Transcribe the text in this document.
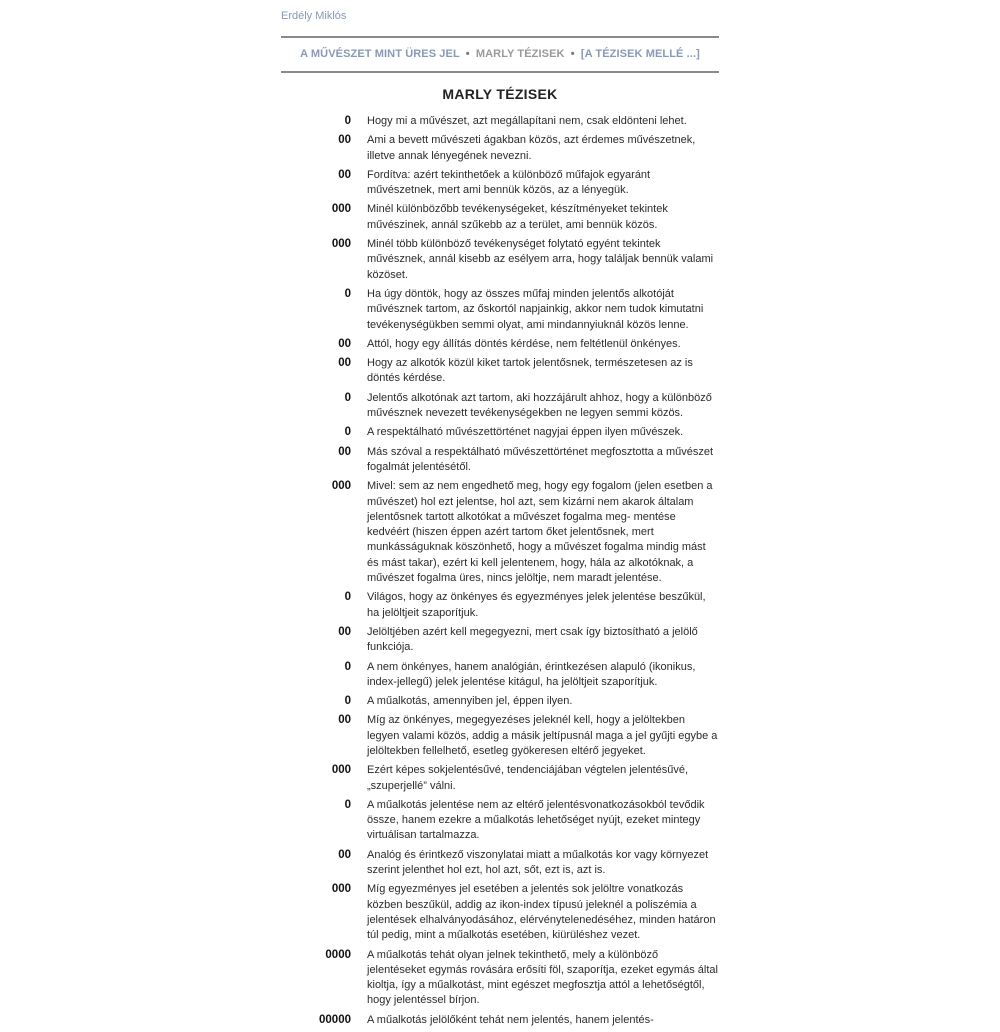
Erdély Miklós
A MŰVÉSZET MINT ÜRES JEL • MARLY TÉZISEK • [A TÉZISEK MELLÉ ...]
MARLY TÉZISEK
0	Hogy mi a művészet, azt megállapítani nem, csak eldönteni lehet.
00	Ami a bevett művészeti ágakban közös, azt érdemes művészetnek, illetve annak lényegének nevezni.
00	Fordítva: azért tekinthetőek a különböző műfajok egyaránt művészetnek, mert ami bennük közös, az a lényegük.
000	Minél különbözőbb tevékenységeket, készítményeket tekintek művészinek, annál szűkebb az a terület, ami bennük közös.
000	Minél több különböző tevékenységet folytató egyént tekintek művésznek, annál kisebb az esélyem arra, hogy találjak bennük valami közöset.
0	Ha úgy döntök, hogy az összes műfaj minden jelentős alkotóját művésznek tartom, az őskortól napjainkig, akkor nem tudok kimutatni tevékenységükben semmi olyat, ami mindannyiuknál közös lenne.
00	Attól, hogy egy állítás döntés kérdése, nem feltétlenül önkényes.
00	Hogy az alkotók közül kiket tartok jelentősnek, természetesen az is döntés kérdése.
0	Jelentős alkotónak azt tartom, aki hozzájárult ahhoz, hogy a különböző művésznek nevezett tevékenységekben ne legyen semmi közös.
0	A respektálható művészettörténet nagyjai éppen ilyen művészek.
00	Más szóval a respektálható művészettörténet megfosztotta a művészet fogalmát jelentésétől.
000	Mivel: sem az nem engedhető meg, hogy egy fogalom (jelen esetben a művészet) hol ezt jelentse, hol azt, sem kizárni nem akarok általam jelentősnek tartott alkotókat a művészet fogalma meg- mentése kedvéért (hiszen éppen azért tartom őket jelentősnek, mert munkásságuknak köszönhető, hogy a művészet fogalma mindig mást és mást takar), ezért ki kell jelentenem, hogy, hála az alkotóknak, a művészet fogalma üres, nincs jelöltje, nem maradt jelentése.
0	Világos, hogy az önkényes és egyezményes jelek jelentése beszűkül, ha jelöltjeit szaporítjuk.
00	Jelöltjében azért kell megegyezni, mert csak így biztosítható a jelölő funkciója.
0	A nem önkényes, hanem analógián, érintkezésen alapuló (ikonikus, index-jellegű) jelek jelentése kitágul, ha jelöltjeit szaporítjuk.
0	A műalkotás, amennyiben jel, éppen ilyen.
00	Míg az önkényes, megegyezéses jeleknél kell, hogy a jelöltekben legyen valami közös, addig a másik jeltípusnál maga a jel gyűjti egybe a jelöltekben fellelhető, esetleg gyökeresen eltérő jegyeket.
000	Ezért képes sokjelentésűvé, tendenciájában végtelen jelentésűvé, „szuperjellé” válni.
0	A műalkotás jelentése nem az eltérő jelentésvonatkozásokból tevődik össze, hanem ezekre a műalkotás lehetőséget nyújt, ezeket mintegy virtuálisan tartalmazza.
00	Analóg és érintkező viszonylatai miatt a műalkotás kor vagy környezet szerint jelenthet hol ezt, hol azt, sőt, ezt is, azt is.
000	Míg egyezményes jel esetében a jelentés sok jelöltre vonatkozás közben beszűkül, addig az ikon-index típusú jeleknél a poliszémia a jelentések elhalványodásához, elérvénytelenedéséhez, minden határon túl pedig, mint a műalkotás esetében, kiürüléshez vezet.
0000	A műalkotás tehát olyan jelnek tekinthető, mely a különböző jelentéseket egymás rovására erősíti föl, szaporítja, ezeket egymás által kioltja, így a műalkotást, mint egészet megfosztja attól a lehetőségtől, hogy jelentéssel bírjon.
00000	A műalkotás jelölőként tehát nem jelentés, hanem jelentés-
